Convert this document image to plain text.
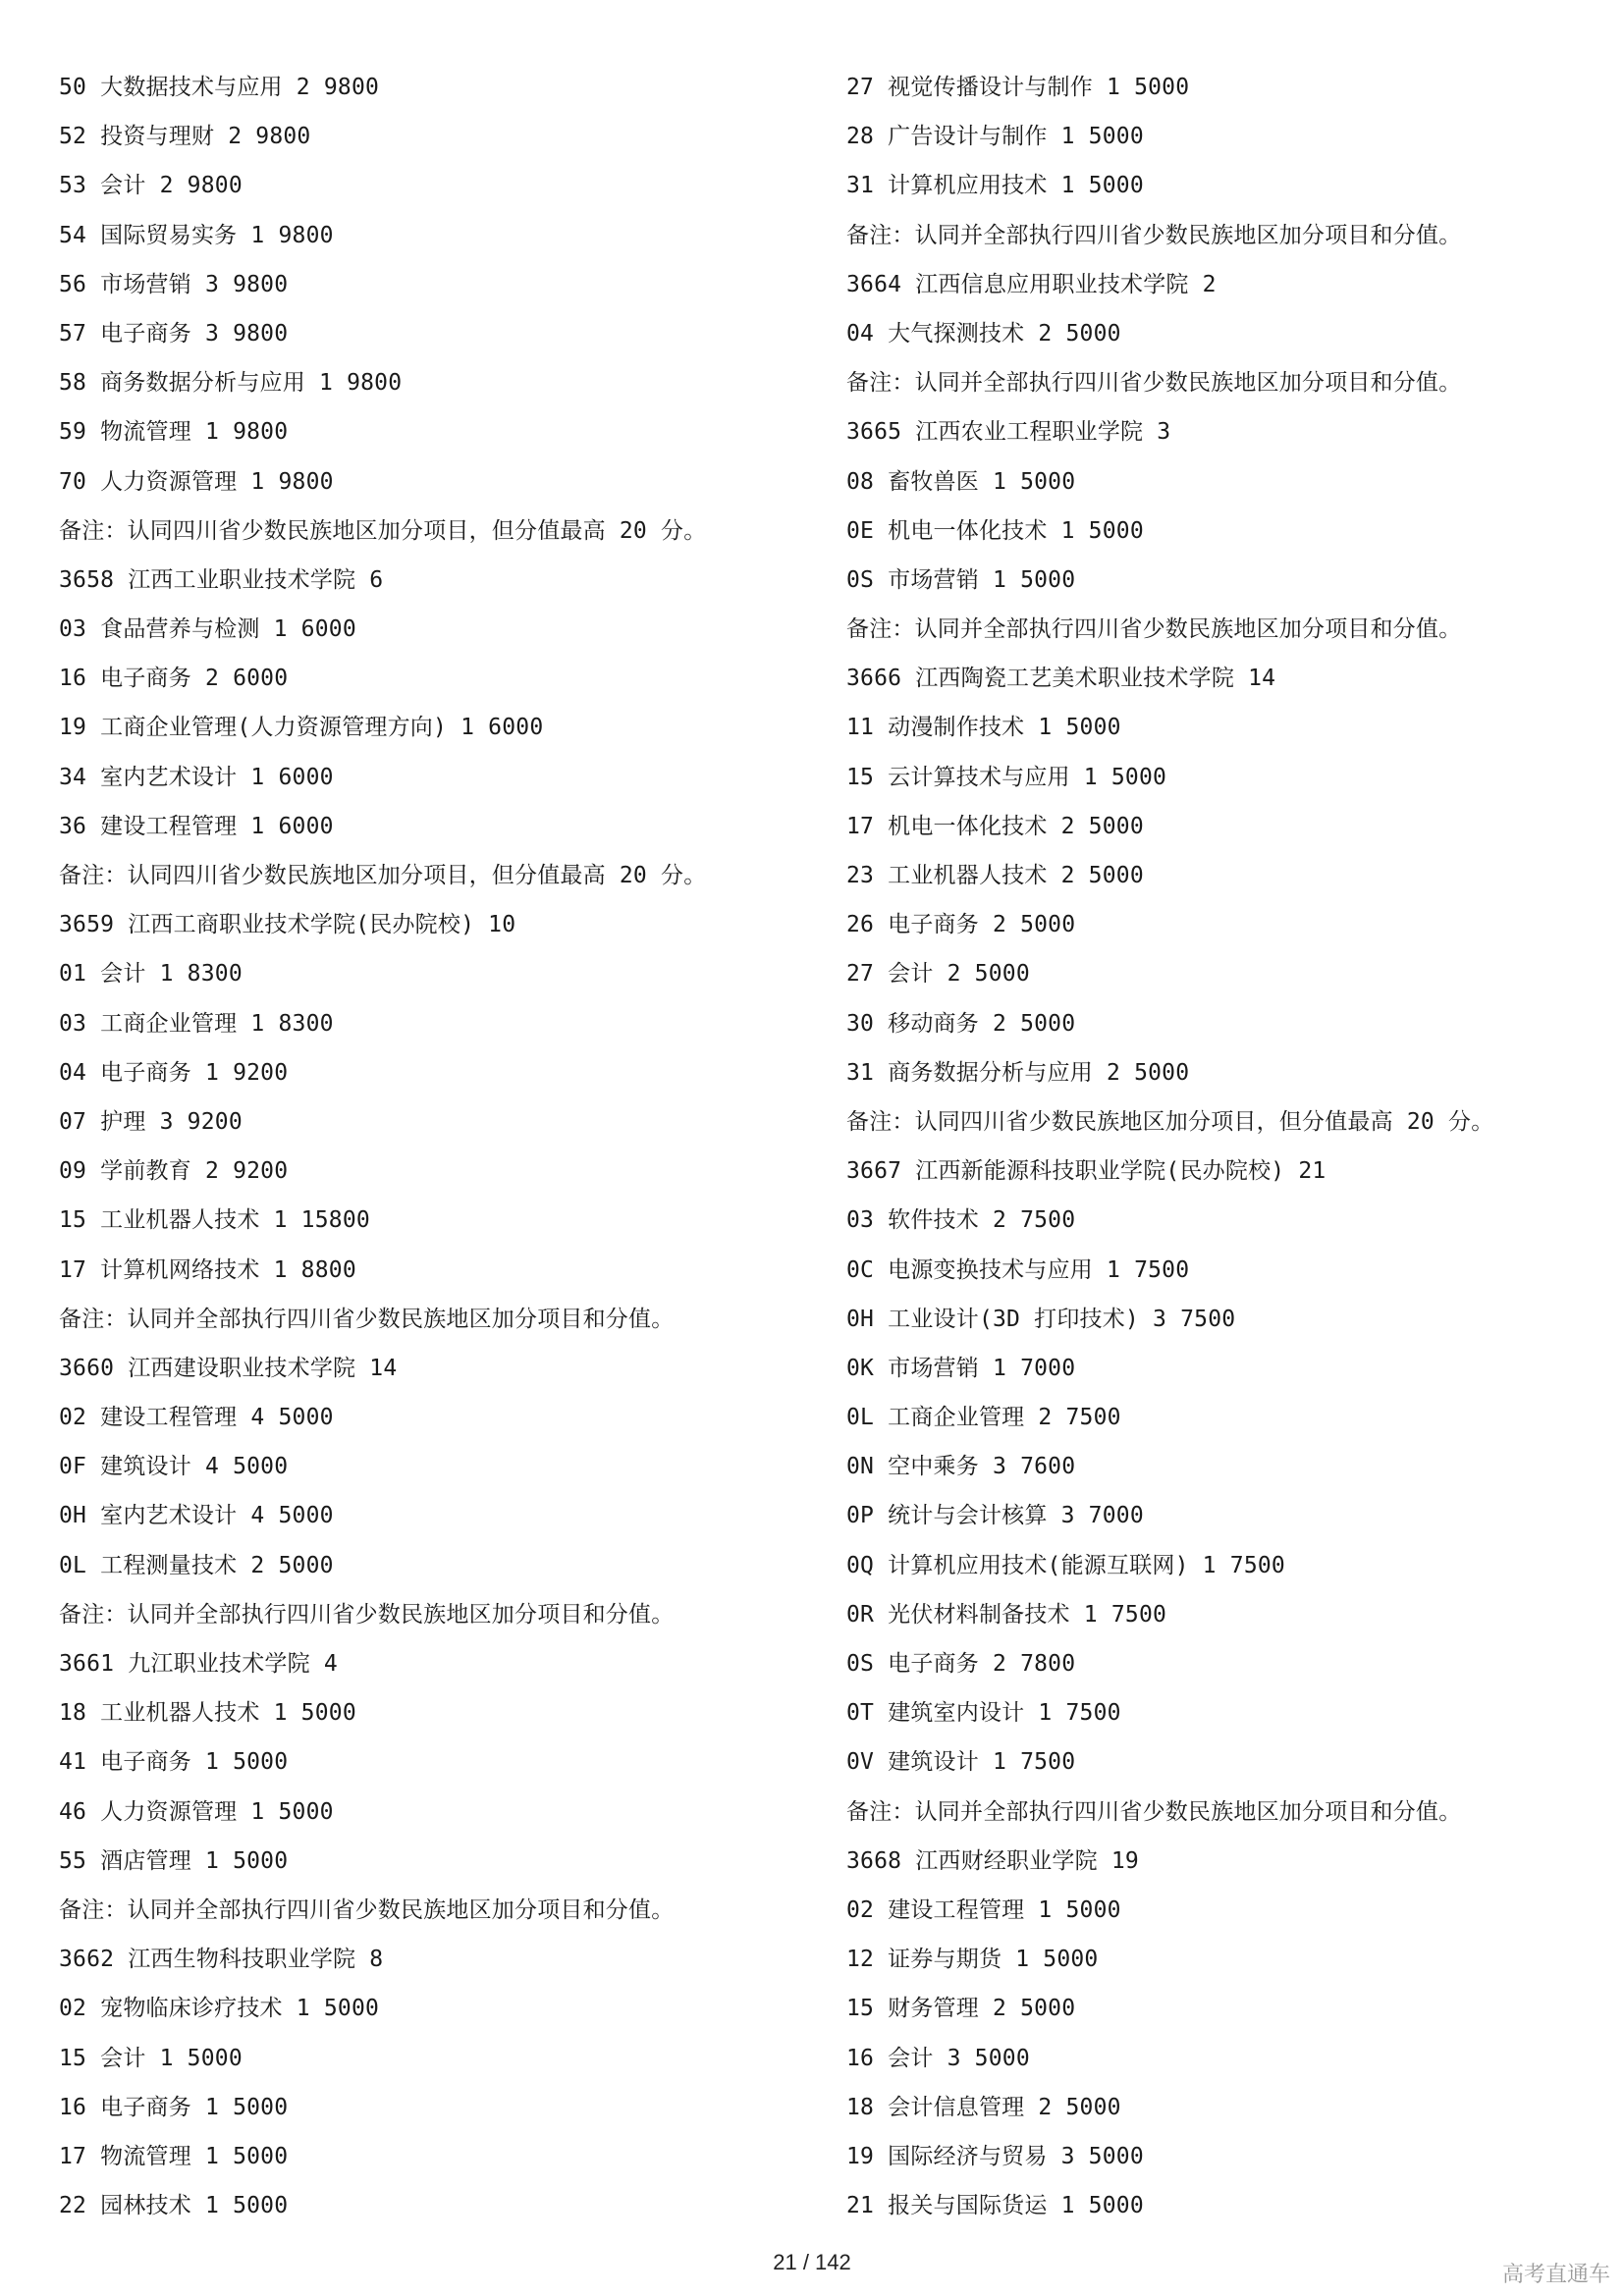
50 大数据技术与应用 2 9800
52 投资与理财 2 9800
53 会计 2 9800
54 国际贸易实务 1 9800
56 市场营销 3 9800
57 电子商务 3 9800
58 商务数据分析与应用 1 9800
59 物流管理 1 9800
70 人力资源管理 1 9800
备注：认同四川省少数民族地区加分项目，但分值最高 20 分。
3658 江西工业职业技术学院 6
03 食品营养与检测 1 6000
16 电子商务 2 6000
19 工商企业管理(人力资源管理方向) 1 6000
34 室内艺术设计 1 6000
36 建设工程管理 1 6000
备注：认同四川省少数民族地区加分项目，但分值最高 20 分。
3659 江西工商职业技术学院(民办院校) 10
01 会计 1 8300
03 工商企业管理 1 8300
04 电子商务 1 9200
07 护理 3 9200
09 学前教育 2 9200
15 工业机器人技术 1 15800
17 计算机网络技术 1 8800
备注：认同并全部执行四川省少数民族地区加分项目和分值。
3660 江西建设职业技术学院 14
02 建设工程管理 4 5000
0F 建筑设计 4 5000
0H 室内艺术设计 4 5000
0L 工程测量技术 2 5000
备注：认同并全部执行四川省少数民族地区加分项目和分值。
3661 九江职业技术学院 4
18 工业机器人技术 1 5000
41 电子商务 1 5000
46 人力资源管理 1 5000
55 酒店管理 1 5000
备注：认同并全部执行四川省少数民族地区加分项目和分值。
3662 江西生物科技职业学院 8
02 宠物临床诊疗技术 1 5000
15 会计 1 5000
16 电子商务 1 5000
17 物流管理 1 5000
22 园林技术 1 5000
27 视觉传播设计与制作 1 5000
28 广告设计与制作 1 5000
31 计算机应用技术 1 5000
备注：认同并全部执行四川省少数民族地区加分项目和分值。
3664 江西信息应用职业技术学院 2
04 大气探测技术 2 5000
备注：认同并全部执行四川省少数民族地区加分项目和分值。
3665 江西农业工程职业学院 3
08 畜牧兽医 1 5000
0E 机电一体化技术 1 5000
0S 市场营销 1 5000
备注：认同并全部执行四川省少数民族地区加分项目和分值。
3666 江西陶瓷工艺美术职业技术学院 14
11 动漫制作技术 1 5000
15 云计算技术与应用 1 5000
17 机电一体化技术 2 5000
23 工业机器人技术 2 5000
26 电子商务 2 5000
27 会计 2 5000
30 移动商务 2 5000
31 商务数据分析与应用 2 5000
备注：认同四川省少数民族地区加分项目，但分值最高 20 分。
3667 江西新能源科技职业学院(民办院校) 21
03 软件技术 2 7500
0C 电源变换技术与应用 1 7500
0H 工业设计(3D 打印技术) 3 7500
0K 市场营销 1 7000
0L 工商企业管理 2 7500
0N 空中乘务 3 7600
0P 统计与会计核算 3 7000
0Q 计算机应用技术(能源互联网) 1 7500
0R 光伏材料制备技术 1 7500
0S 电子商务 2 7800
0T 建筑室内设计 1 7500
0V 建筑设计 1 7500
备注：认同并全部执行四川省少数民族地区加分项目和分值。
3668 江西财经职业学院 19
02 建设工程管理 1 5000
12 证券与期货 1 5000
15 财务管理 2 5000
16 会计 3 5000
18 会计信息管理 2 5000
19 国际经济与贸易 3 5000
21 报关与国际货运 1 5000
21 / 142
高考直通车
